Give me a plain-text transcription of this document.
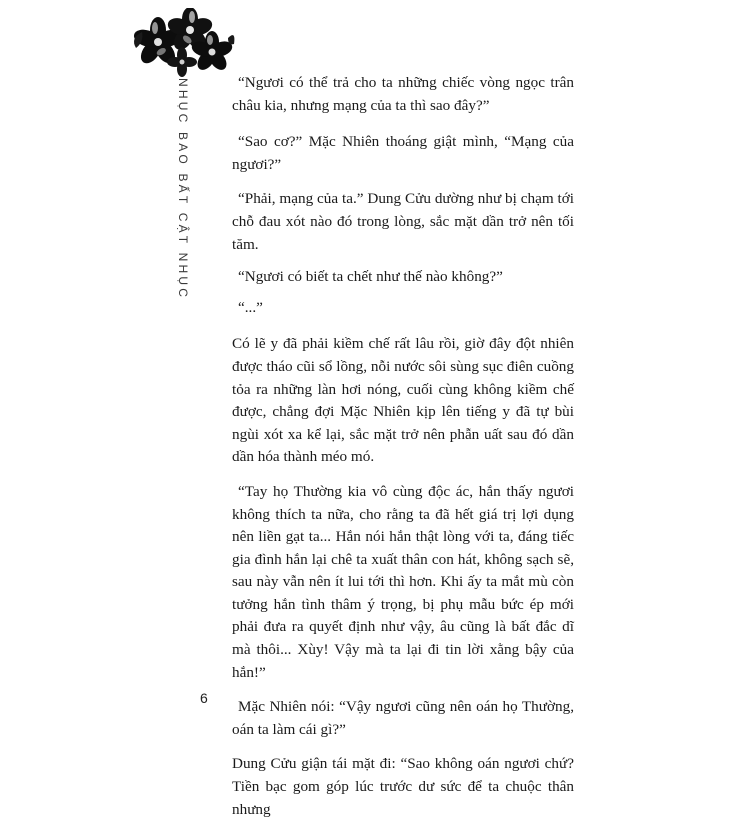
NHỤC BAO BẤT CẬT NHỤC	“Ngươi có thể trả cho ta những chiếc vòng ngọc trân châu kia, nhưng mạng của ta thì sao đây?”

“Sao cơ?” Mặc Nhiên thoáng giật mình, “Mạng của ngươi?”

“Phải, mạng của ta.” Dung Cửu dường như bị chạm tới chỗ đau xót nào đó trong lòng, sắc mặt dần trở nên tối tăm.

“Ngươi có biết ta chết như thế nào không?”

“...”

Có lẽ y đã phải kiềm chế rất lâu rồi, giờ đây đột nhiên được tháo cũi sổ lồng, nỗi nước sôi sùng sục điên cuồng tỏa ra những làn hơi nóng, cuối cùng không kiềm chế được, chẳng đợi Mặc Nhiên kịp lên tiếng y đã tự bùi ngùi xót xa kể lại, sắc mặt trở nên phẫn uất sau đó dần dần hóa thành méo mó.

“Tay họ Thường kia vô cùng độc ác, hắn thấy ngươi không thích ta nữa, cho rằng ta đã hết giá trị lợi dụng nên liền gạt ta... Hắn nói hắn thật lòng với ta, đáng tiếc gia đình hắn lại chê ta xuất thân con hát, không sạch sẽ, sau này vẫn nên ít lui tới thì hơn. Khi ấy ta mắt mù còn tưởng hắn tình thâm ý trọng, bị phụ mẫu bức ép mới phải đưa ra quyết định như vậy, âu cũng là bất đắc dĩ mà thôi... Xùy! Vậy mà ta lại đi tin lời xằng bậy của hắn!”

Mặc Nhiên nói: “Vậy ngươi cũng nên oán họ Thường, oán ta làm cái gì?”

Dung Cửu giận tái mặt đi: “Sao không oán ngươi chứ? Tiền bạc gom góp lúc trước dư sức để ta chuộc thân nhưng

6
